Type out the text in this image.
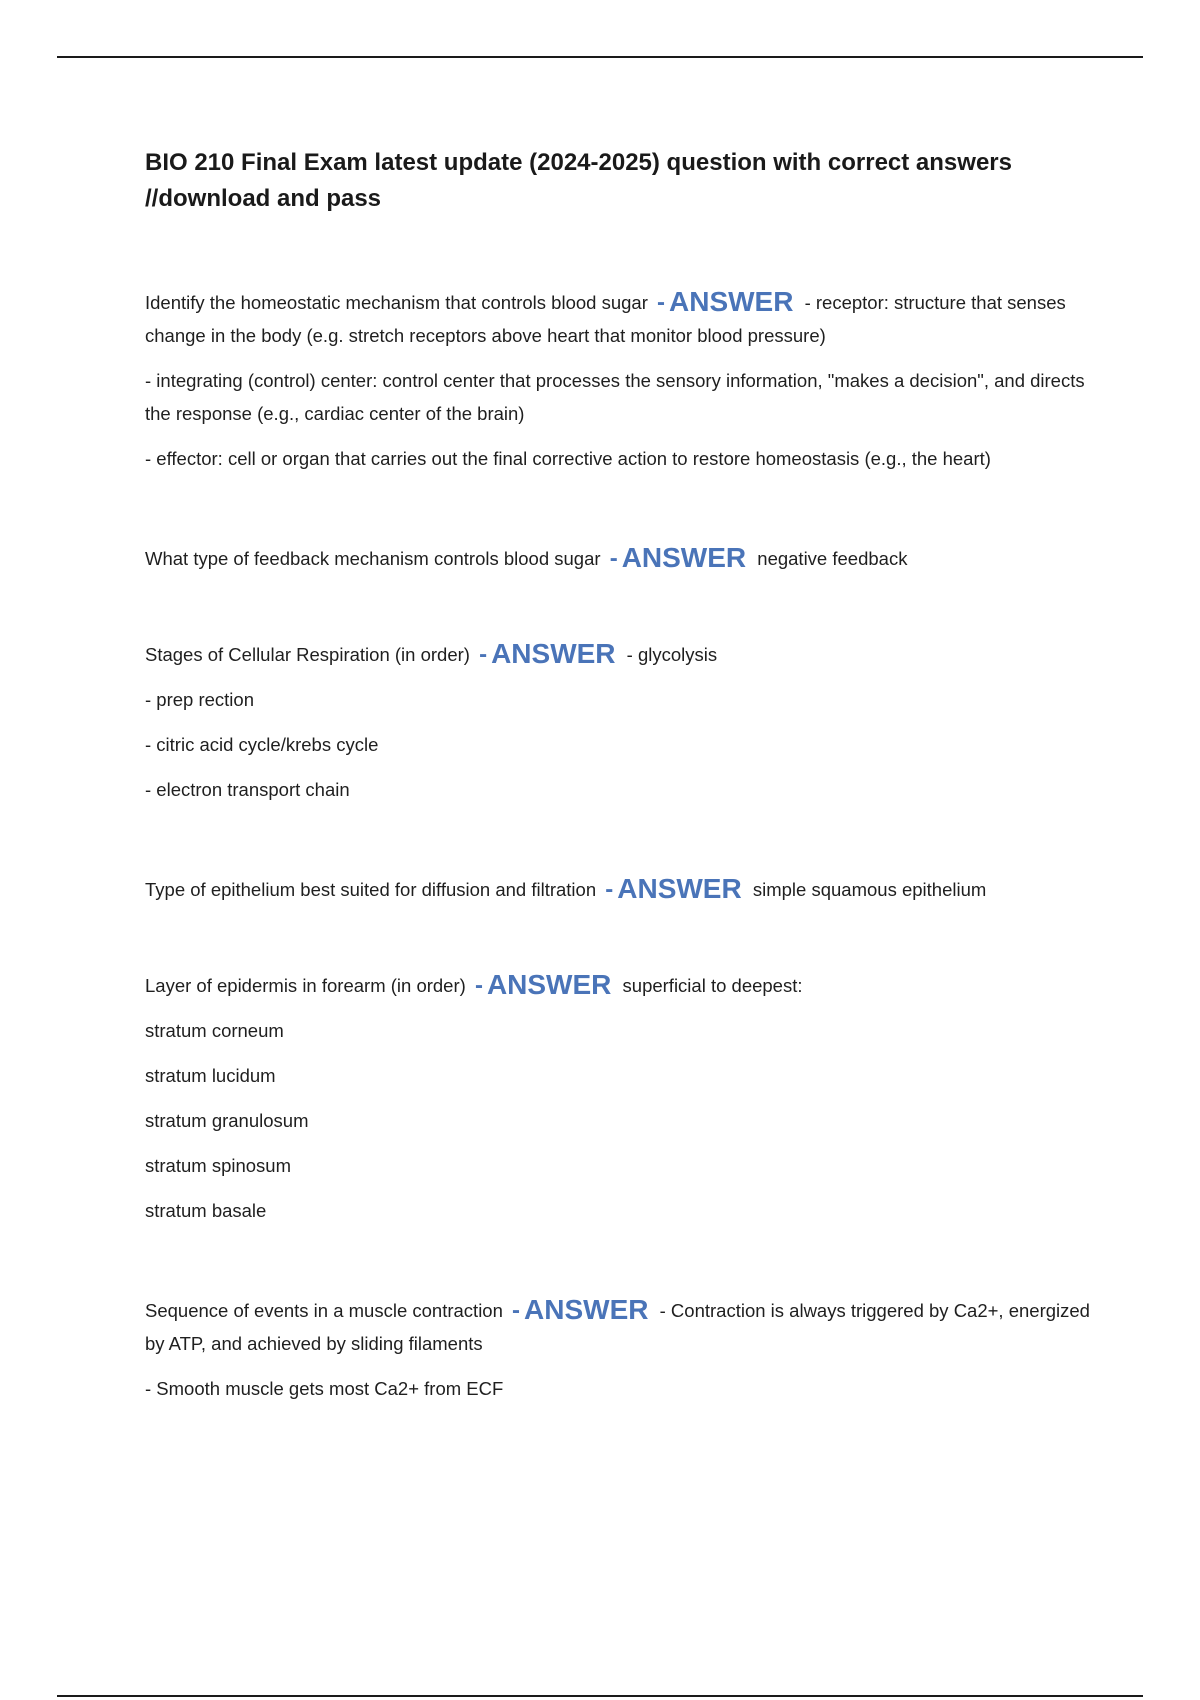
BIO 210 Final Exam latest update (2024-2025) question with correct answers //download and pass
Identify the homeostatic mechanism that controls blood sugar - ANSWER - receptor: structure that senses change in the body (e.g. stretch receptors above heart that monitor blood pressure)
- integrating (control) center: control center that processes the sensory information, "makes a decision", and directs the response (e.g., cardiac center of the brain)
- effector: cell or organ that carries out the final corrective action to restore homeostasis (e.g., the heart)
What type of feedback mechanism controls blood sugar - ANSWER negative feedback
Stages of Cellular Respiration (in order) - ANSWER - glycolysis
- prep rection
- citric acid cycle/krebs cycle
- electron transport chain
Type of epithelium best suited for diffusion and filtration - ANSWER simple squamous epithelium
Layer of epidermis in forearm (in order) - ANSWER superficial to deepest:
stratum corneum
stratum lucidum
stratum granulosum
stratum spinosum
stratum basale
Sequence of events in a muscle contraction - ANSWER - Contraction is always triggered by Ca2+, energized by ATP, and achieved by sliding filaments
- Smooth muscle gets most Ca2+ from ECF
